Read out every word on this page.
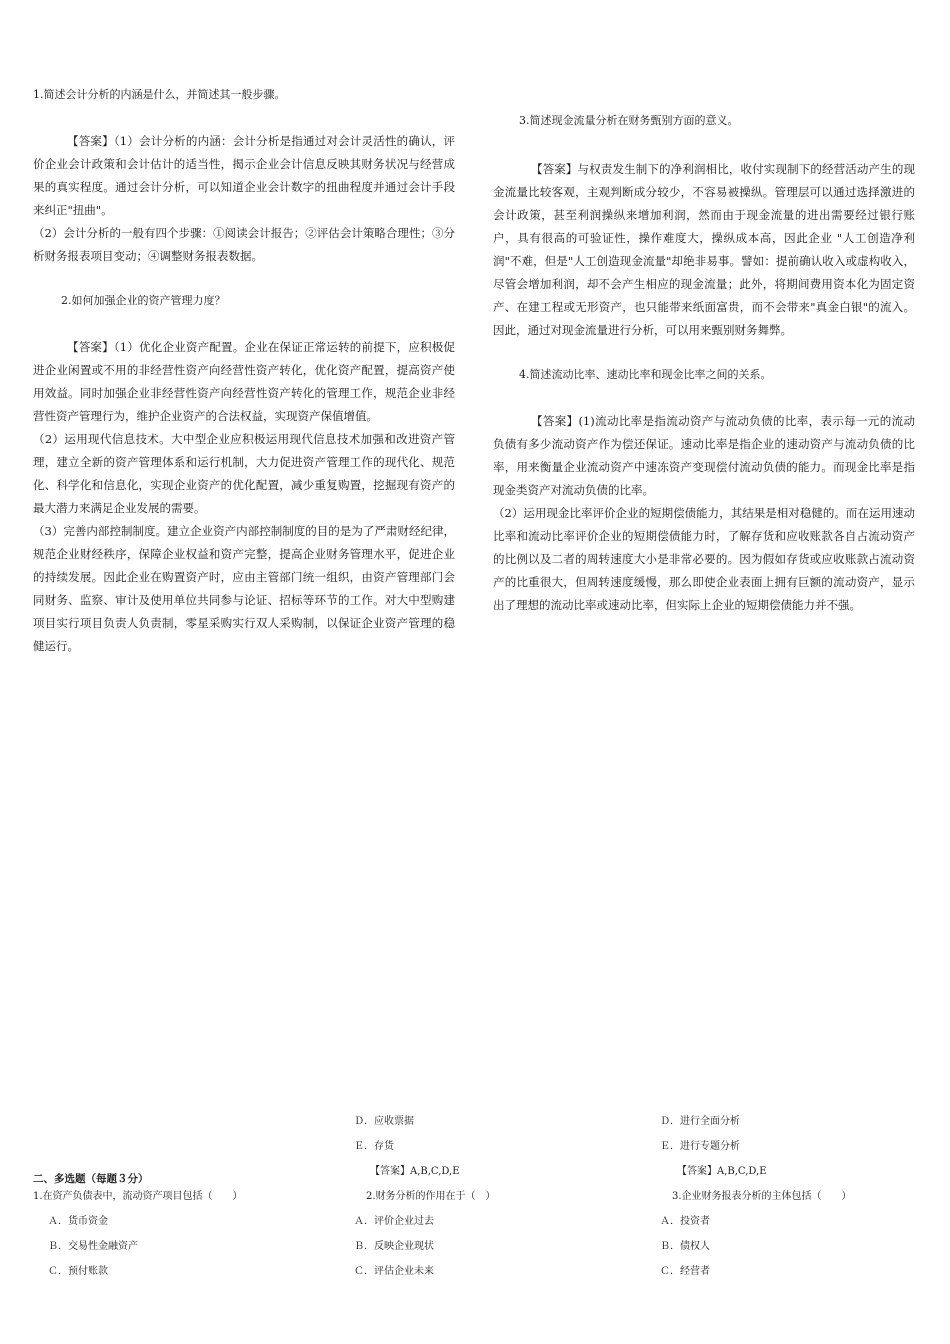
1.简述会计分析的内涵是什么，并简述其一般步骤。

【答案】（1）会计分析的内涵：会计分析是指通过对会计灵活性的确认，评价企业会计政策和会计估计的适当性，揭示企业会计信息反映其财务状况与经营成果的真实程度。通过会计分析，可以知道企业会计数字的扭曲程度并通过会计手段来纠正"扭曲"。

（2）会计分析的一般有四个步骤：①阅读会计报告；②评估会计策略合理性；③分析财务报表项目变动；④调整财务报表数据。

2.如何加强企业的资产管理力度？

【答案】（1）优化企业资产配置。企业在保证正常运转的前提下，应积极促进企业闲置或不用的非经营性资产向经营性资产转化，优化资产配置，提高资产使用效益。同时加强企业非经营性资产向经营性资产转化的管理工作，规范企业非经营性资产管理行为，维护企业资产的合法权益，实现资产保值增值。

（2）运用现代信息技术。大中型企业应积极运用现代信息技术加强和改进资产管理，建立全新的资产管理体系和运行机制，大力促进资产管理工作的现代化、规范化、科学化和信息化，实现企业资产的优化配置，减少重复购置，挖掘现有资产的最大潜力来满足企业发展的需要。

（3）完善内部控制制度。建立企业资产内部控制制度的目的是为了严肃财经纪律，规范企业财经秩序，保障企业权益和资产完整，提高企业财务管理水平，促进企业的持续发展。因此企业在购置资产时，应由主管部门统一组织，由资产管理部门会同财务、监察、审计及使用单位共同参与论证、招标等环节的工作。对大中型购建项目实行项目负责人负责制，零星采购实行双人采购制，以保证企业资产管理的稳健运行。

3.简述现金流量分析在财务甄别方面的意义。

【答案】与权责发生制下的净利润相比，收付实现制下的经营活动产生的现金流量比较客观，主观判断成分较少，不容易被操纵。管理层可以通过选择激进的会计政策，甚至利润操纵来增加利润，然而由于现金流量的进出需要经过银行账户，具有很高的可验证性，操作难度大，操纵成本高，因此企业 "人工创造净利润"不难，但是"人工创造现金流量"却绝非易事。譬如：提前确认收入或虚构收入，尽管会增加利润，却不会产生相应的现金流量；此外，将期间费用资本化为固定资产、在建工程或无形资产，也只能带来纸面富贵，而不会带来"真金白银"的流入。 因此，通过对现金流量进行分析，可以用来甄别财务舞弊。

4.简述流动比率、速动比率和现金比率之间的关系。

【答案】(1)流动比率是指流动资产与流动负债的比率，表示每一元的流动负债有多少流动资产作为偿还保证。速动比率是指企业的速动资产与流动负债的比率，用来衡量企业流动资产中速冻资产变现偿付流动负债的能力。而现金比率是指现金类资产对流动负债的比率。

（2）运用现金比率评价企业的短期偿债能力，其结果是相对稳健的。而在运用速动比率和流动比率评价企业的短期偿债能力时，了解存货和应收账款各自占流动资产的比例以及二者的周转速度大小是非常必要的。因为假如存货或应收账款占流动资产的比重很大，但周转速度缓慢，那么即使企业表面上拥有巨额的流动资产，显示出了理想的流动比率或速动比率，但实际上企业的短期偿债能力并不强。

二、多选题（每题３分）

1.在资产负债表中，流动资产项目包括（　　）
Ａ．货币资金
Ｂ．交易性金融资产
Ｃ．预付账款
Ｄ．应收票据
Ｅ．存货
【答案】A,B,C,D,E
2.财务分析的作用在于（　）
Ａ．评价企业过去
Ｂ．反映企业现状
Ｃ．评估企业未来
Ｄ．进行全面分析
Ｅ．进行专题分析
【答案】A,B,C,D,E
3.企业财务报表分析的主体包括（　　）
Ａ．投资者
Ｂ．债权人
Ｃ．经营者
